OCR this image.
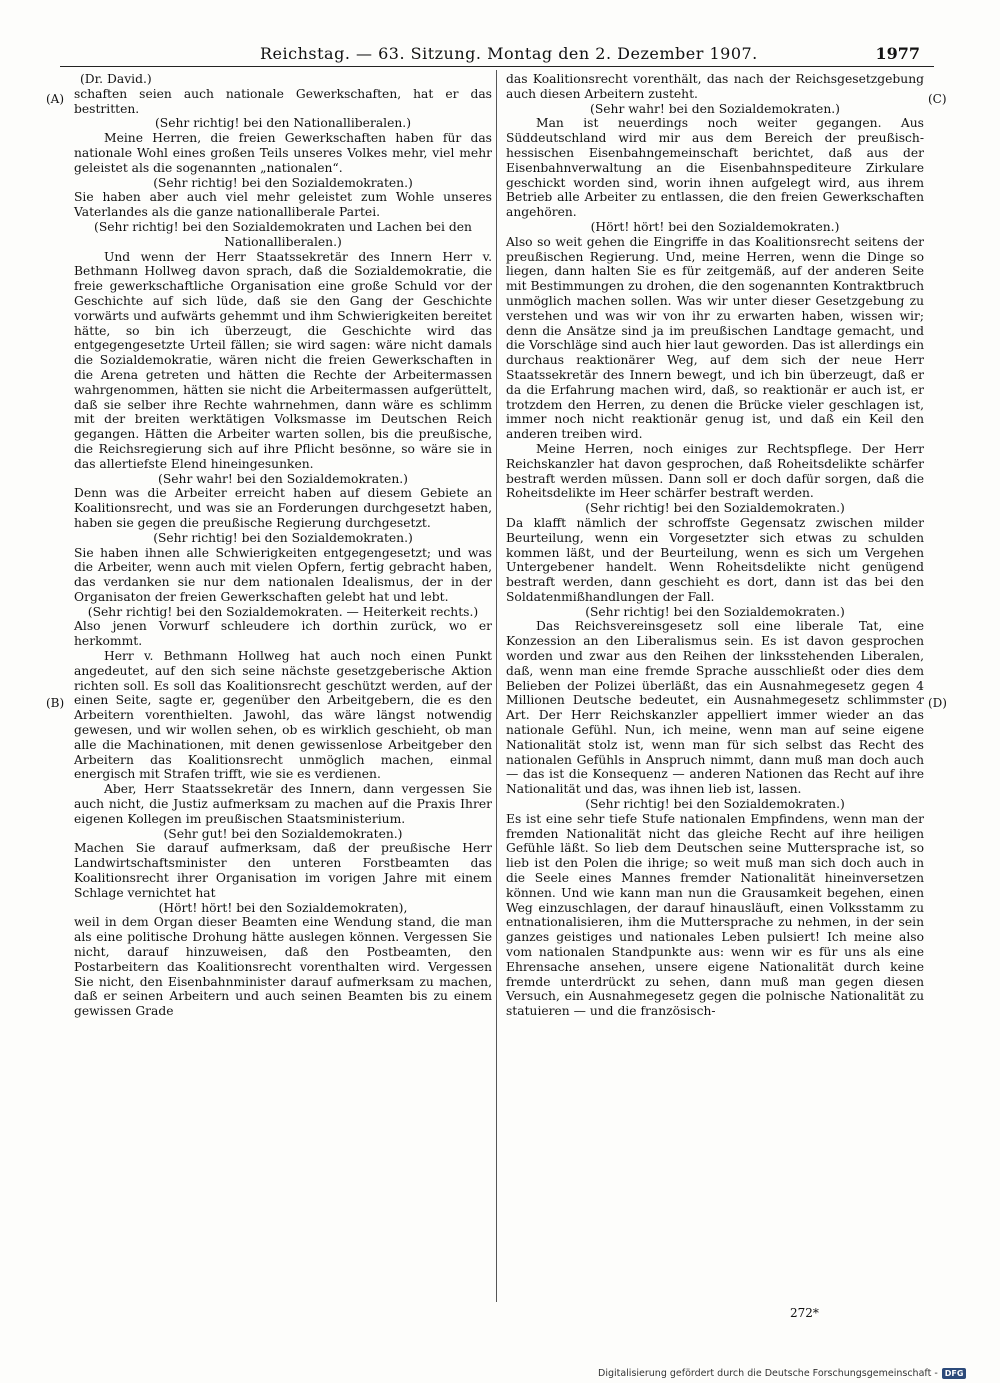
Reichstag. — 63. Sitzung. Montag den 2. Dezember 1907.	1977
(A)
(B)
(C)
(D)

(Dr. David.)

schaften seien auch nationale Gewerkschaften, hat er das bestritten.

(Sehr richtig! bei den Nationalliberalen.)

Meine Herren, die freien Gewerkschaften haben für das nationale Wohl eines großen Teils unseres Volkes mehr, viel mehr geleistet als die sogenannten „nationalen“.

(Sehr richtig! bei den Sozialdemokraten.)

Sie haben aber auch viel mehr geleistet zum Wohle unseres Vaterlandes als die ganze nationalliberale Partei.

(Sehr richtig! bei den Sozialdemokraten und Lachen bei den Nationalliberalen.)

Und wenn der Herr Staatssekretär des Innern Herr v. Bethmann Hollweg davon sprach, daß die Sozialdemokratie, die freie gewerkschaftliche Organisation eine große Schuld vor der Geschichte auf sich lüde, daß sie den Gang der Geschichte vorwärts und aufwärts gehemmt und ihm Schwierigkeiten bereitet hätte, so bin ich überzeugt, die Geschichte wird das entgegengesetzte Urteil fällen; sie wird sagen: wäre nicht damals die Sozialdemokratie, wären nicht die freien Gewerkschaften in die Arena getreten und hätten die Rechte der Arbeitermassen wahrgenommen, hätten sie nicht die Arbeitermassen aufgerüttelt, daß sie selber ihre Rechte wahrnehmen, dann wäre es schlimm mit der breiten werktätigen Volksmasse im Deutschen Reich gegangen. Hätten die Arbeiter warten sollen, bis die preußische, die Reichsregierung sich auf ihre Pflicht besönne, so wäre sie in das allertiefste Elend hineingesunken.

(Sehr wahr! bei den Sozialdemokraten.)

Denn was die Arbeiter erreicht haben auf diesem Gebiete an Koalitionsrecht, und was sie an Forderungen durchgesetzt haben, haben sie gegen die preußische Regierung durchgesetzt.

(Sehr richtig! bei den Sozialdemokraten.)

Sie haben ihnen alle Schwierigkeiten entgegengesetzt; und was die Arbeiter, wenn auch mit vielen Opfern, fertig gebracht haben, das verdanken sie nur dem nationalen Idealismus, der in der Organisaton der freien Gewerkschaften gelebt hat und lebt.

(Sehr richtig! bei den Sozialdemokraten. — Heiterkeit rechts.)

Also jenen Vorwurf schleudere ich dorthin zurück, wo er herkommt.

Herr v. Bethmann Hollweg hat auch noch einen Punkt angedeutet, auf den sich seine nächste gesetzgeberische Aktion richten soll. Es soll das Koalitionsrecht geschützt werden, auf der einen Seite, sagte er, gegenüber den Arbeitgebern, die es den Arbeitern vorenthielten. Jawohl, das wäre längst notwendig gewesen, und wir wollen sehen, ob es wirklich geschieht, ob man alle die Machinationen, mit denen gewissenlose Arbeitgeber den Arbeitern das Koalitionsrecht unmöglich machen, einmal energisch mit Strafen trifft, wie sie es verdienen.

Aber, Herr Staatssekretär des Innern, dann vergessen Sie auch nicht, die Justiz aufmerksam zu machen auf die Praxis Ihrer eigenen Kollegen im preußischen Staatsministerium.

(Sehr gut! bei den Sozialdemokraten.)

Machen Sie darauf aufmerksam, daß der preußische Herr Landwirtschaftsminister den unteren Forstbeamten das Koalitionsrecht ihrer Organisation im vorigen Jahre mit einem Schlage vernichtet hat

(Hört! hört! bei den Sozialdemokraten),

weil in dem Organ dieser Beamten eine Wendung stand, die man als eine politische Drohung hätte auslegen können. Vergessen Sie nicht, darauf hinzuweisen, daß den Postbeamten, den Postarbeitern das Koalitionsrecht vorenthalten wird. Vergessen Sie nicht, den Eisenbahnminister darauf aufmerksam zu machen, daß er seinen Arbeitern und auch seinen Beamten bis zu einem gewissen Grade

das Koalitionsrecht vorenthält, das nach der Reichsgesetzgebung auch diesen Arbeitern zusteht.

(Sehr wahr! bei den Sozialdemokraten.)

Man ist neuerdings noch weiter gegangen. Aus Süddeutschland wird mir aus dem Bereich der preußisch-hessischen Eisenbahngemeinschaft berichtet, daß aus der Eisenbahnverwaltung an die Eisenbahnspediteure Zirkulare geschickt worden sind, worin ihnen aufgelegt wird, aus ihrem Betrieb alle Arbeiter zu entlassen, die den freien Gewerkschaften angehören.

(Hört! hört! bei den Sozialdemokraten.)

Also so weit gehen die Eingriffe in das Koalitionsrecht seitens der preußischen Regierung. Und, meine Herren, wenn die Dinge so liegen, dann halten Sie es für zeitgemäß, auf der anderen Seite mit Bestimmungen zu drohen, die den sogenannten Kontraktbruch unmöglich machen sollen. Was wir unter dieser Gesetzgebung zu verstehen und was wir von ihr zu erwarten haben, wissen wir; denn die Ansätze sind ja im preußischen Landtage gemacht, und die Vorschläge sind auch hier laut geworden. Das ist allerdings ein durchaus reaktionärer Weg, auf dem sich der neue Herr Staatssekretär des Innern bewegt, und ich bin überzeugt, daß er da die Erfahrung machen wird, daß, so reaktionär er auch ist, er trotzdem den Herren, zu denen die Brücke vieler geschlagen ist, immer noch nicht reaktionär genug ist, und daß ein Keil den anderen treiben wird.

Meine Herren, noch einiges zur Rechtspflege. Der Herr Reichskanzler hat davon gesprochen, daß Roheitsdelikte schärfer bestraft werden müssen. Dann soll er doch dafür sorgen, daß die Roheitsdelikte im Heer schärfer bestraft werden.

(Sehr richtig! bei den Sozialdemokraten.)

Da klafft nämlich der schroffste Gegensatz zwischen milder Beurteilung, wenn ein Vorgesetzter sich etwas zu schulden kommen läßt, und der Beurteilung, wenn es sich um Vergehen Untergebener handelt. Wenn Roheitsdelikte nicht genügend bestraft werden, dann geschieht es dort, dann ist das bei den Soldatenmißhandlungen der Fall.

(Sehr richtig! bei den Sozialdemokraten.)

Das Reichsvereinsgesetz soll eine liberale Tat, eine Konzession an den Liberalismus sein. Es ist davon gesprochen worden und zwar aus den Reihen der linksstehenden Liberalen, daß, wenn man eine fremde Sprache ausschließt oder dies dem Belieben der Polizei überläßt, das ein Ausnahmegesetz gegen 4 Millionen Deutsche bedeutet, ein Ausnahmegesetz schlimmster Art. Der Herr Reichskanzler appelliert immer wieder an das nationale Gefühl. Nun, ich meine, wenn man auf seine eigene Nationalität stolz ist, wenn man für sich selbst das Recht des nationalen Gefühls in Anspruch nimmt, dann muß man doch auch — das ist die Konsequenz — anderen Nationen das Recht auf ihre Nationalität und das, was ihnen lieb ist, lassen.

(Sehr richtig! bei den Sozialdemokraten.)

Es ist eine sehr tiefe Stufe nationalen Empfindens, wenn man der fremden Nationalität nicht das gleiche Recht auf ihre heiligen Gefühle läßt. So lieb dem Deutschen seine Muttersprache ist, so lieb ist den Polen die ihrige; so weit muß man sich doch auch in die Seele eines Mannes fremder Nationalität hineinversetzen können. Und wie kann man nun die Grausamkeit begehen, einen Weg einzuschlagen, der darauf hinausläuft, einen Volksstamm zu entnationalisieren, ihm die Muttersprache zu nehmen, in der sein ganzes geistiges und nationales Leben pulsiert! Ich meine also vom nationalen Standpunkte aus: wenn wir es für uns als eine Ehrensache ansehen, unsere eigene Nationalität durch keine fremde unterdrückt zu sehen, dann muß man gegen diesen Versuch, ein Ausnahmegesetz gegen die polnische Nationalität zu statuieren — und die französisch-

272*
Digitalisierung gefördert durch die Deutsche Forschungsgemeinschaft - DFG
